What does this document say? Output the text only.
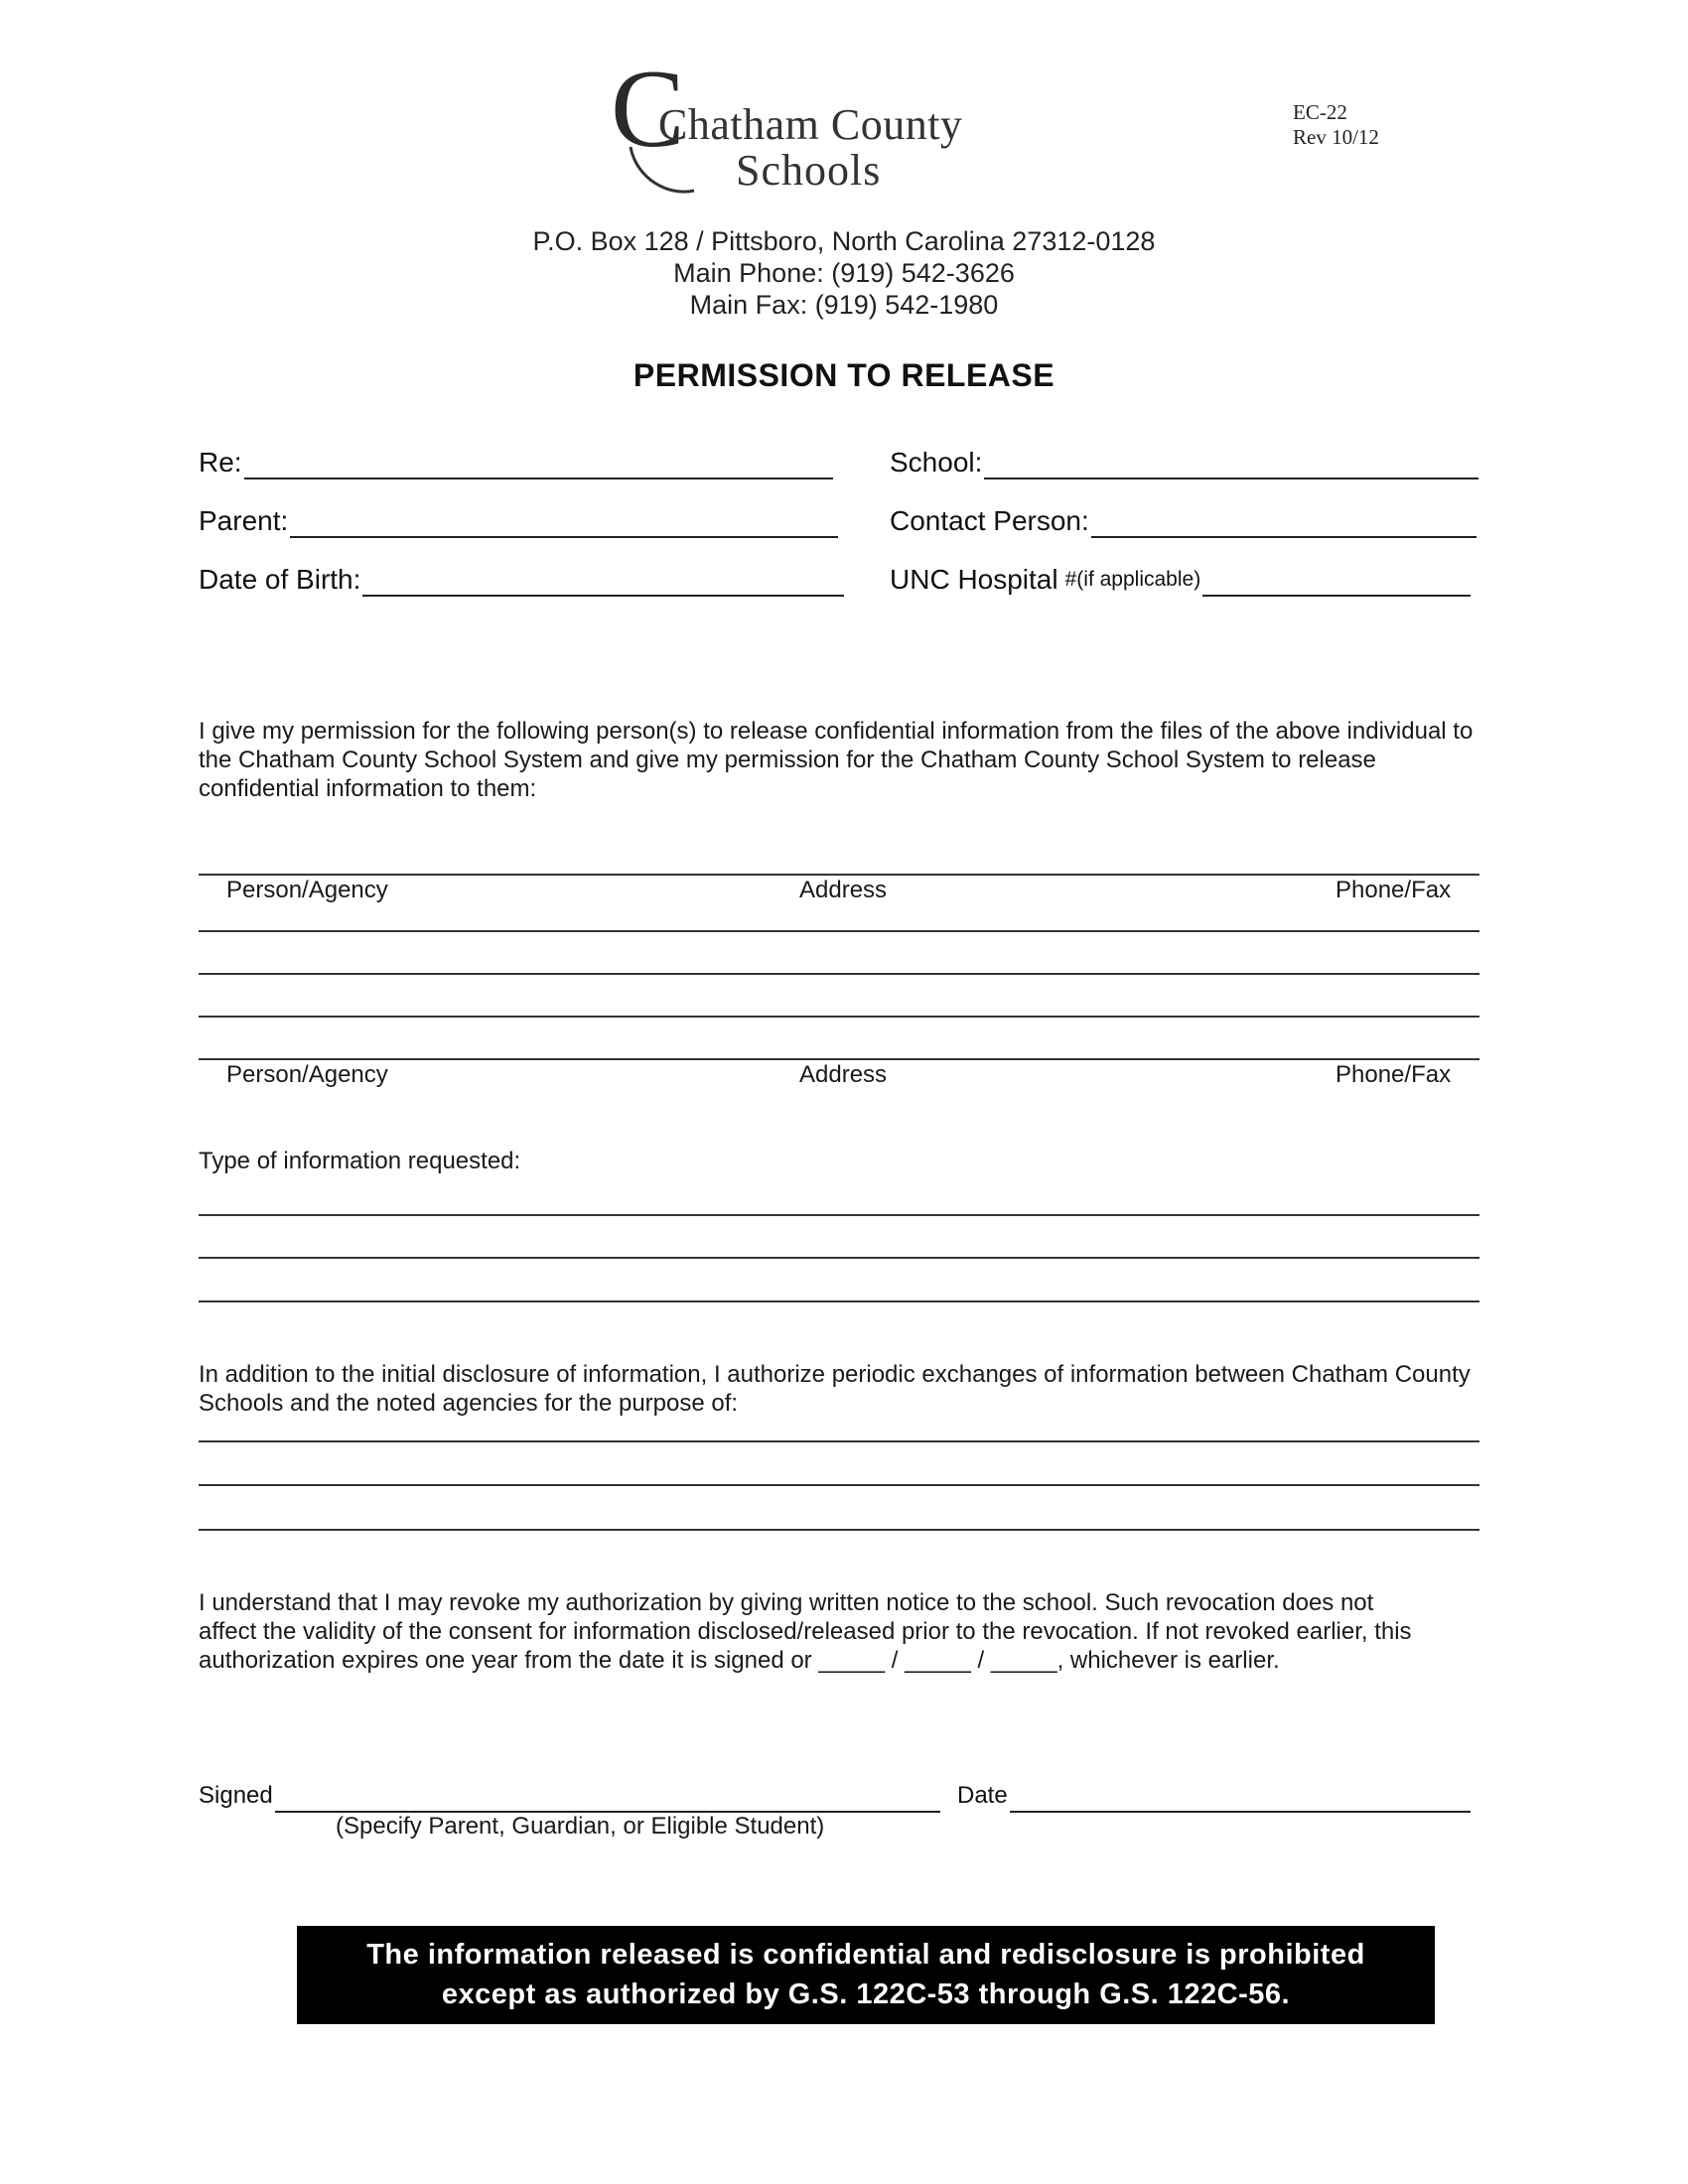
C
Chatham County
Schools
EC-22
Rev 10/12
P.O. Box 128 / Pittsboro, North Carolina 27312-0128
Main Phone: (919) 542-3626
Main Fax: (919) 542-1980
PERMISSION TO RELEASE
Re:	School:
Parent:	Contact Person:
Date of Birth:	UNC Hospital #(if applicable)
I give my permission for the following person(s) to release confidential information from the files of the above individual to the Chatham County School System and give my permission for the Chatham County School System to release confidential information to them:
Person/Agency	Address	Phone/Fax
Person/Agency	Address	Phone/Fax
Type of information requested:
In addition to the initial disclosure of information, I authorize periodic exchanges of information between Chatham County Schools and the noted agencies for the purpose of:
I understand that I may revoke my authorization by giving written notice to the school. Such revocation does not
affect the validity of the consent for information disclosed/released prior to the revocation. If not revoked earlier, this
authorization expires one year from the date it is signed or _____ / _____ / _____, whichever is earlier.
Signed	Date
(Specify Parent, Guardian, or Eligible Student)
The information released is confidential and redisclosure is prohibited
except as authorized by G.S. 122C-53 through G.S. 122C-56.
